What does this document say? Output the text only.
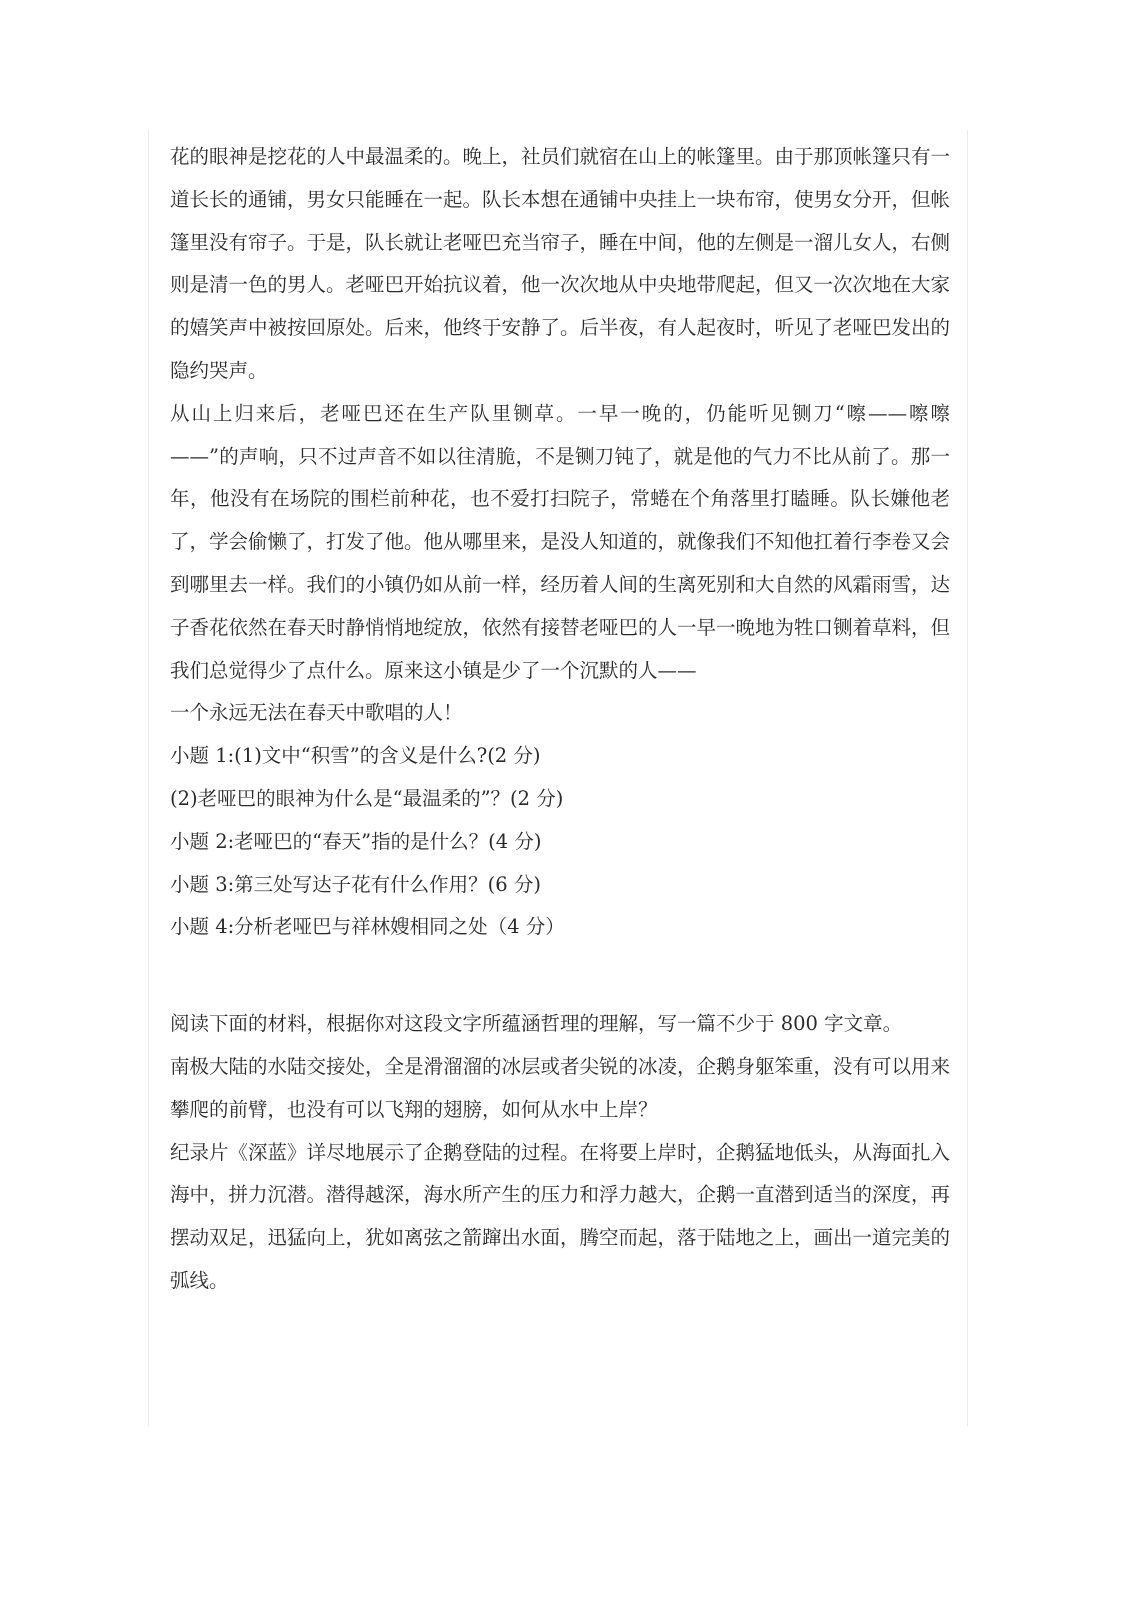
花的眼神是挖花的人中最温柔的。晚上，社员们就宿在山上的帐篷里。由于那顶帐篷只有一道长长的通铺，男女只能睡在一起。队长本想在通铺中央挂上一块布帘，使男女分开，但帐篷里没有帘子。于是，队长就让老哑巴充当帘子，睡在中间，他的左侧是一溜儿女人，右侧则是清一色的男人。老哑巴开始抗议着，他一次次地从中央地带爬起，但又一次次地在大家的嬉笑声中被按回原处。后来，他终于安静了。后半夜，有人起夜时，听见了老哑巴发出的隐约哭声。

从山上归来后，老哑巴还在生产队里铡草。一早一晚的，仍能听见铡刀“嚓——嚓嚓——”的声响，只不过声音不如以往清脆，不是铡刀钝了，就是他的气力不比从前了。那一年，他没有在场院的围栏前种花，也不爱打扫院子，常蜷在个角落里打瞌睡。队长嫌他老了，学会偷懒了，打发了他。他从哪里来，是没人知道的，就像我们不知他扛着行李卷又会到哪里去一样。我们的小镇仍如从前一样，经历着人间的生离死别和大自然的风霜雨雪，达子香花依然在春天时静悄悄地绽放，依然有接替老哑巴的人一早一晚地为牲口铡着草料，但我们总觉得少了点什么。原来这小镇是少了一个沉默的人——

一个永远无法在春天中歌唱的人！

小题 1:(1)文中“积雪”的含义是什么?(2 分)

(2)老哑巴的眼神为什么是“最温柔的”？(2 分)

小题 2:老哑巴的“春天”指的是什么？(4 分)

小题 3:第三处写达子花有什么作用？(6 分)

小题 4:分析老哑巴与祥林嫂相同之处（4 分）

阅读下面的材料，根据你对这段文字所蕴涵哲理的理解，写一篇不少于 800 字文章。

南极大陆的水陆交接处，全是滑溜溜的冰层或者尖锐的冰凌，企鹅身躯笨重，没有可以用来攀爬的前臂，也没有可以飞翔的翅膀，如何从水中上岸？

纪录片《深蓝》详尽地展示了企鹅登陆的过程。在将要上岸时，企鹅猛地低头，从海面扎入海中，拼力沉潜。潜得越深，海水所产生的压力和浮力越大，企鹅一直潜到适当的深度，再摆动双足，迅猛向上，犹如离弦之箭蹿出水面，腾空而起，落于陆地之上，画出一道完美的弧线。
